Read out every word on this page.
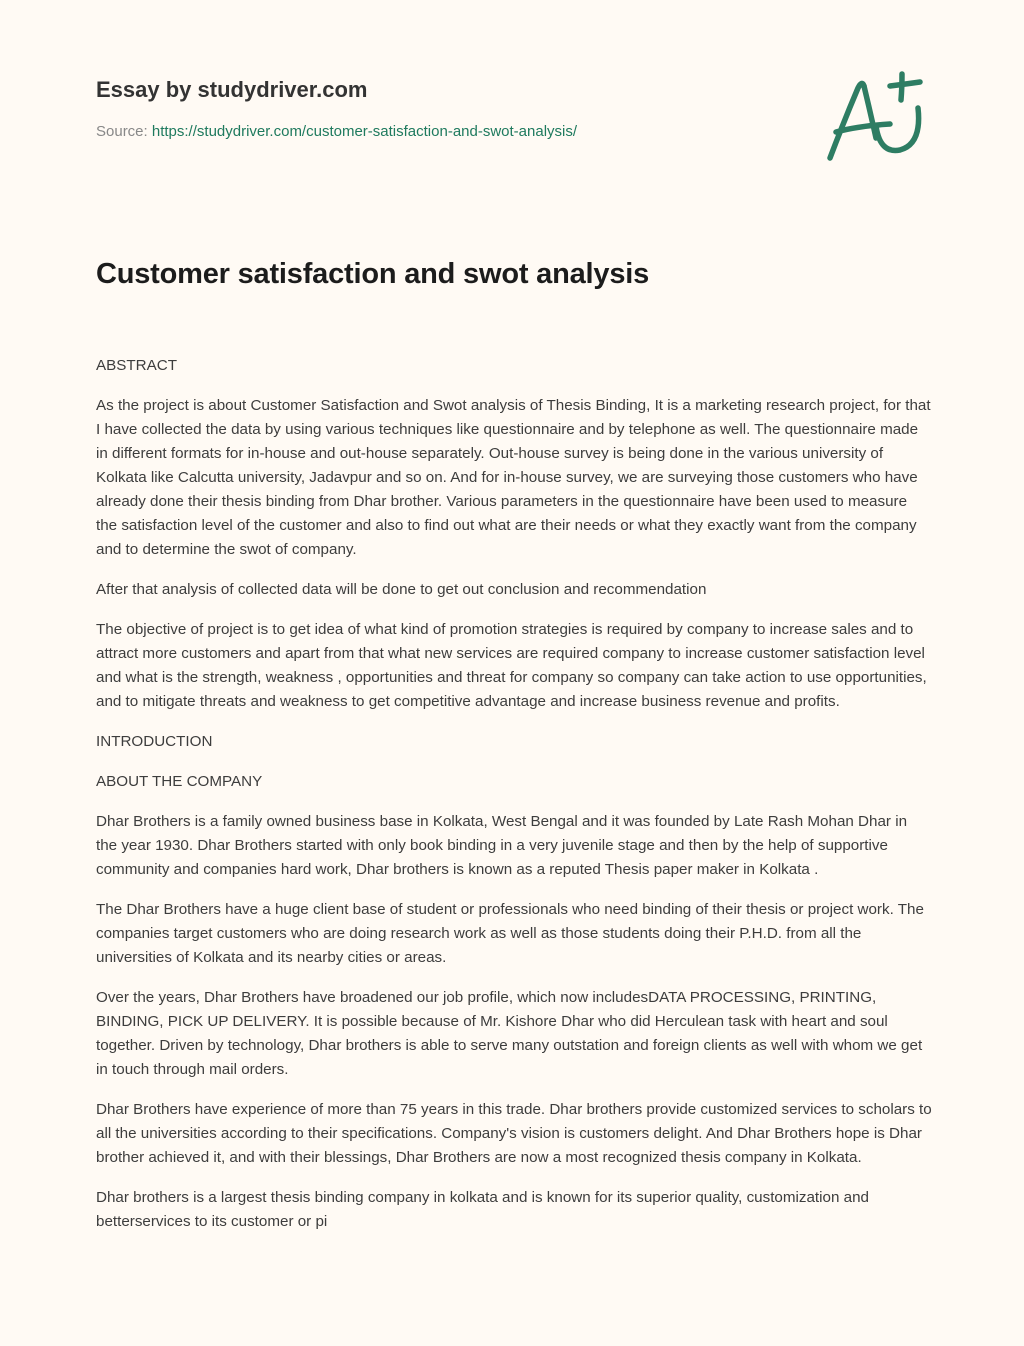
Essay by studydriver.com
Source: https://studydriver.com/customer-satisfaction-and-swot-analysis/
Customer satisfaction and swot analysis

ABSTRACT

As the project is about Customer Satisfaction and Swot analysis of Thesis Binding, It is a marketing research project, for that I have collected the data by using various techniques like questionnaire and by telephone as well. The questionnaire made in different formats for in-house and out-house separately. Out-house survey is being done in the various university of Kolkata like Calcutta university, Jadavpur and so on. And for in-house survey, we are surveying those customers who have already done their thesis binding from Dhar brother. Various parameters in the questionnaire have been used to measure the satisfaction level of the customer and also to find out what are their needs or what they exactly want from the company and to determine the swot of company.

After that analysis of collected data will be done to get out conclusion and recommendation

The objective of project is to get idea of what kind of promotion strategies is required by company to increase sales and to attract more customers and apart from that what new services are required company to increase customer satisfaction level and what is the strength, weakness , opportunities and threat for company so company can take action to use opportunities, and to mitigate threats and weakness to get competitive advantage and increase business revenue and profits.

INTRODUCTION

ABOUT THE COMPANY

Dhar Brothers is a family owned business base in Kolkata, West Bengal and it was founded by Late Rash Mohan Dhar in the year 1930. Dhar Brothers started with only book binding in a very juvenile stage and then by the help of supportive community and companies hard work, Dhar brothers is known as a reputed Thesis paper maker in Kolkata .

The Dhar Brothers have a huge client base of student or professionals who need binding of their thesis or project work. The companies target customers who are doing research work as well as those students doing their P.H.D. from all the universities of Kolkata and its nearby cities or areas.

Over the years, Dhar Brothers have broadened our job profile, which now includesDATA PROCESSING, PRINTING, BINDING, PICK UP DELIVERY. It is possible because of Mr. Kishore Dhar who did Herculean task with heart and soul together. Driven by technology, Dhar brothers is able to serve many outstation and foreign clients as well with whom we get in touch through mail orders.

Dhar Brothers have experience of more than 75 years in this trade. Dhar brothers provide customized services to scholars to all the universities according to their specifications. Company's vision is customers delight. And Dhar Brothers hope is Dhar brother achieved it, and with their blessings, Dhar Brothers are now a most recognized thesis company in Kolkata.

Dhar brothers is a largest thesis binding company in kolkata and is known for its superior quality, customization and betterservices to its customer or pi
